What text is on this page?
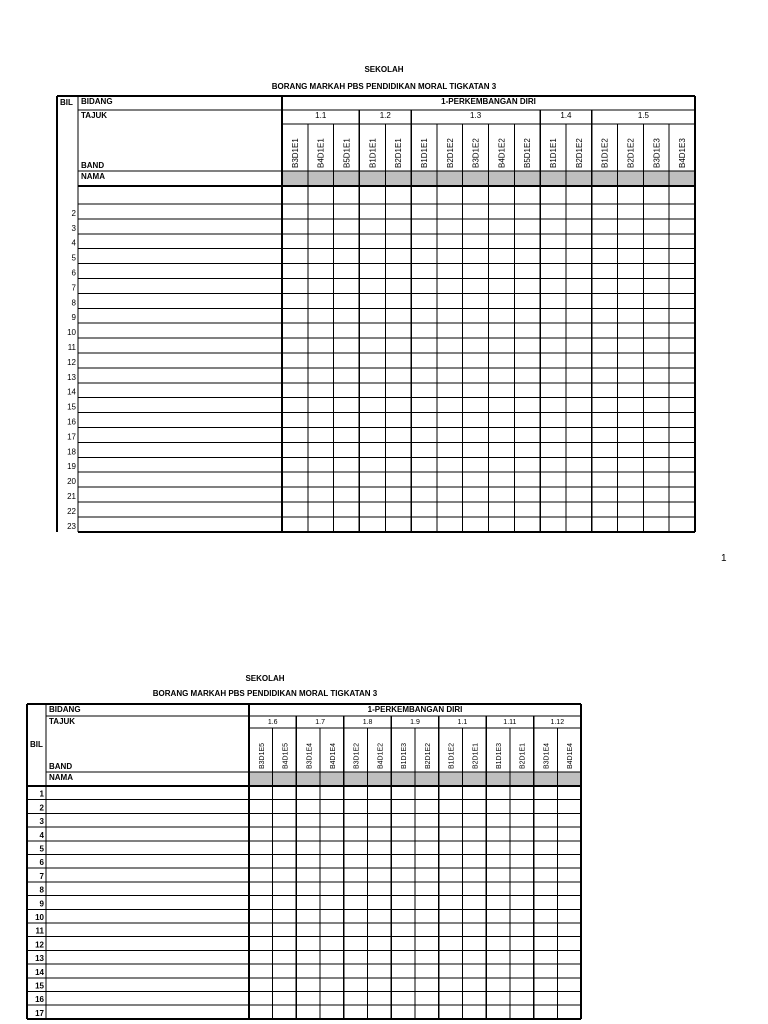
SEKOLAH
BORANG MARKAH PBS PENDIDIKAN MORAL TIGKATAN 3
BIL BIDANG	1-PERKEMBANGAN DIRI
TAJUK
BAND
NAMA
1.1
B3D1E1 B4D1E1 B5D1E1
1.2
B1D1E1 B2D1E1
1.3
B1D1E1 B2D1E2 B3D1E2 B4D1E2 B5D1E2
1.4
B1D1E1 B2D1E2
1.5
B1D1E2 B2D1E2 B3D1E3 B4D1E3
2
3
4
5
6
7
8
9
10
11
12
13
14
15
16
17
18
19
20
21
22
23
1
SEKOLAH
BORANG MARKAH PBS PENDIDIKAN MORAL TIGKATAN 3
BIL
BIDANG	1-PERKEMBANGAN DIRI
TAJUK
BAND
NAMA
1.6
B3D1E5 B4D1E5
1.7
B3D1E4 B4D1E4
1.8
B3D1E2 B4D1E2
1.9
B1D1E3 B2D1E2
1.1
B1D1E2 B2D1E1
1.11
B1D1E3 B2D1E1
1.12
B3D1E4 B4D1E4
1
2
3
4
5
6
7
8
9
10
11
12
13
14
15
16
17
